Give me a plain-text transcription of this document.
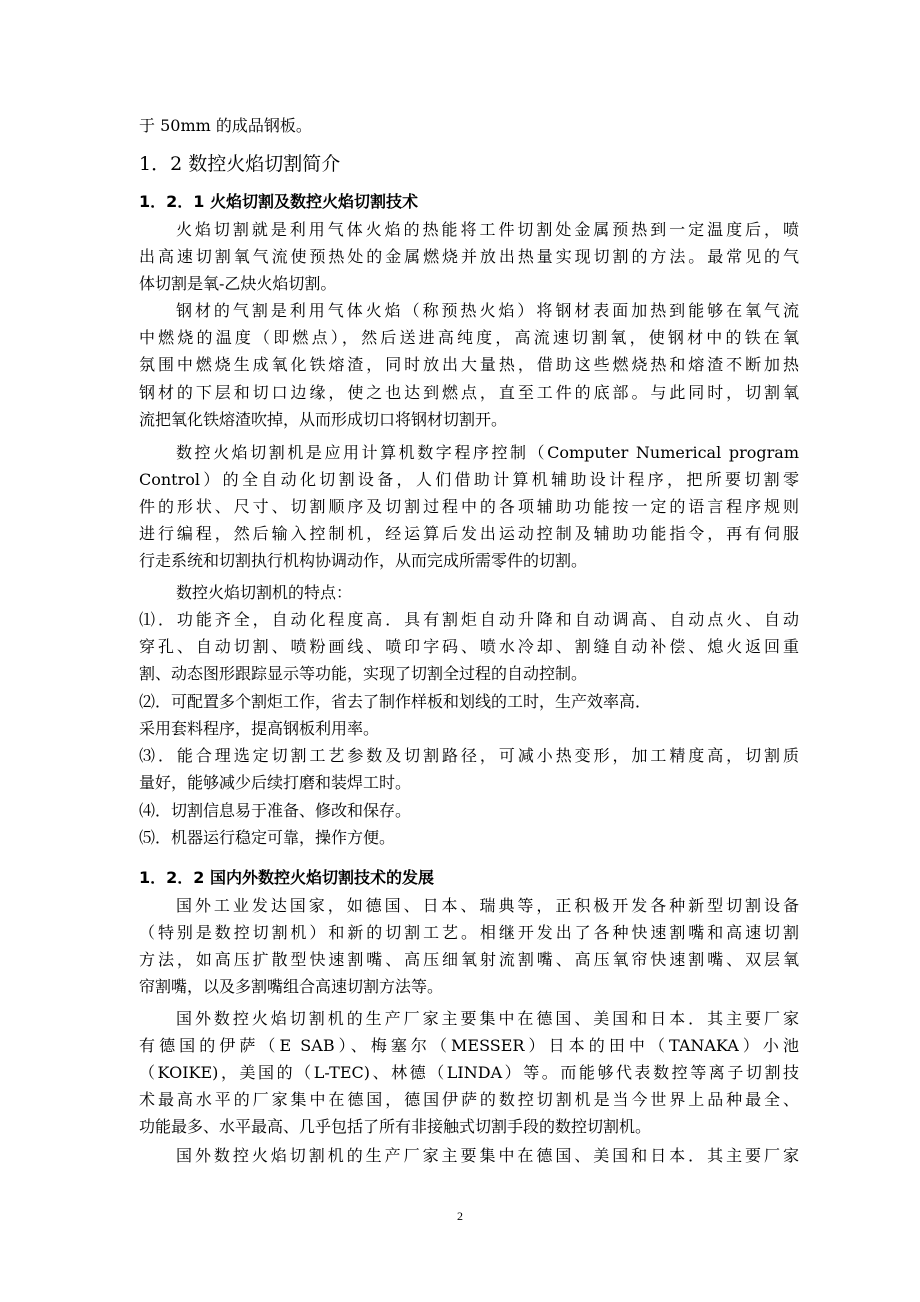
于 50mm 的成品钢板。
1．2 数控火焰切割简介
1．2．1 火焰切割及数控火焰切割技术
火焰切割就是利用气体火焰的热能将工件切割处金属预热到一定温度后，喷
出高速切割氧气流使预热处的金属燃烧并放出热量实现切割的方法。最常见的气
体切割是氧-乙炔火焰切割。
钢材的气割是利用气体火焰（称预热火焰）将钢材表面加热到能够在氧气流
中燃烧的温度（即燃点），然后送进高纯度，高流速切割氧，使钢材中的铁在氧
氛围中燃烧生成氧化铁熔渣，同时放出大量热，借助这些燃烧热和熔渣不断加热
钢材的下层和切口边缘，使之也达到燃点，直至工件的底部。与此同时，切割氧
流把氧化铁熔渣吹掉，从而形成切口将钢材切割开。
数控火焰切割机是应用计算机数字程序控制（Computer Numerical program
Control）的全自动化切割设备，人们借助计算机辅助设计程序，把所要切割零
件的形状、尺寸、切割顺序及切割过程中的各项辅助功能按一定的语言程序规则
进行编程，然后输入控制机，经运算后发出运动控制及辅助功能指令，再有伺服
行走系统和切割执行机构协调动作，从而完成所需零件的切割。
数控火焰切割机的特点：
⑴．功能齐全，自动化程度高．具有割炬自动升降和自动调高、自动点火、自动
穿孔、自动切割、喷粉画线、喷印字码、喷水冷却、割缝自动补偿、熄火返回重
割、动态图形跟踪显示等功能，实现了切割全过程的自动控制。
⑵．可配置多个割炬工作，省去了制作样板和划线的工时，生产效率高．
采用套料程序，提高钢板利用率。
⑶．能合理选定切割工艺参数及切割路径，可减小热变形，加工精度高，切割质
量好，能够减少后续打磨和装焊工时。
⑷．切割信息易于准备、修改和保存。
⑸．机器运行稳定可靠，操作方便。
1．2．2 国内外数控火焰切割技术的发展
国外工业发达国家，如德国、日本、瑞典等，正积极开发各种新型切割设备
（特别是数控切割机）和新的切割工艺。相继开发出了各种快速割嘴和高速切割
方法，如高压扩散型快速割嘴、高压细氧射流割嘴、高压氧帘快速割嘴、双层氧
帘割嘴，以及多割嘴组合高速切割方法等。
国外数控火焰切割机的生产厂家主要集中在德国、美国和日本．其主要厂家
有德国的伊萨（E SAB）、梅塞尔（MESSER）日本的田中（TANAKA）小池
（KOIKE)，美国的（L-TEC)、林德（LINDA）等。而能够代表数控等离子切割技
术最高水平的厂家集中在德国，德国伊萨的数控切割机是当今世界上品种最全、
功能最多、水平最高、几乎包括了所有非接触式切割手段的数控切割机。
国外数控火焰切割机的生产厂家主要集中在德国、美国和日本．其主要厂家
2
